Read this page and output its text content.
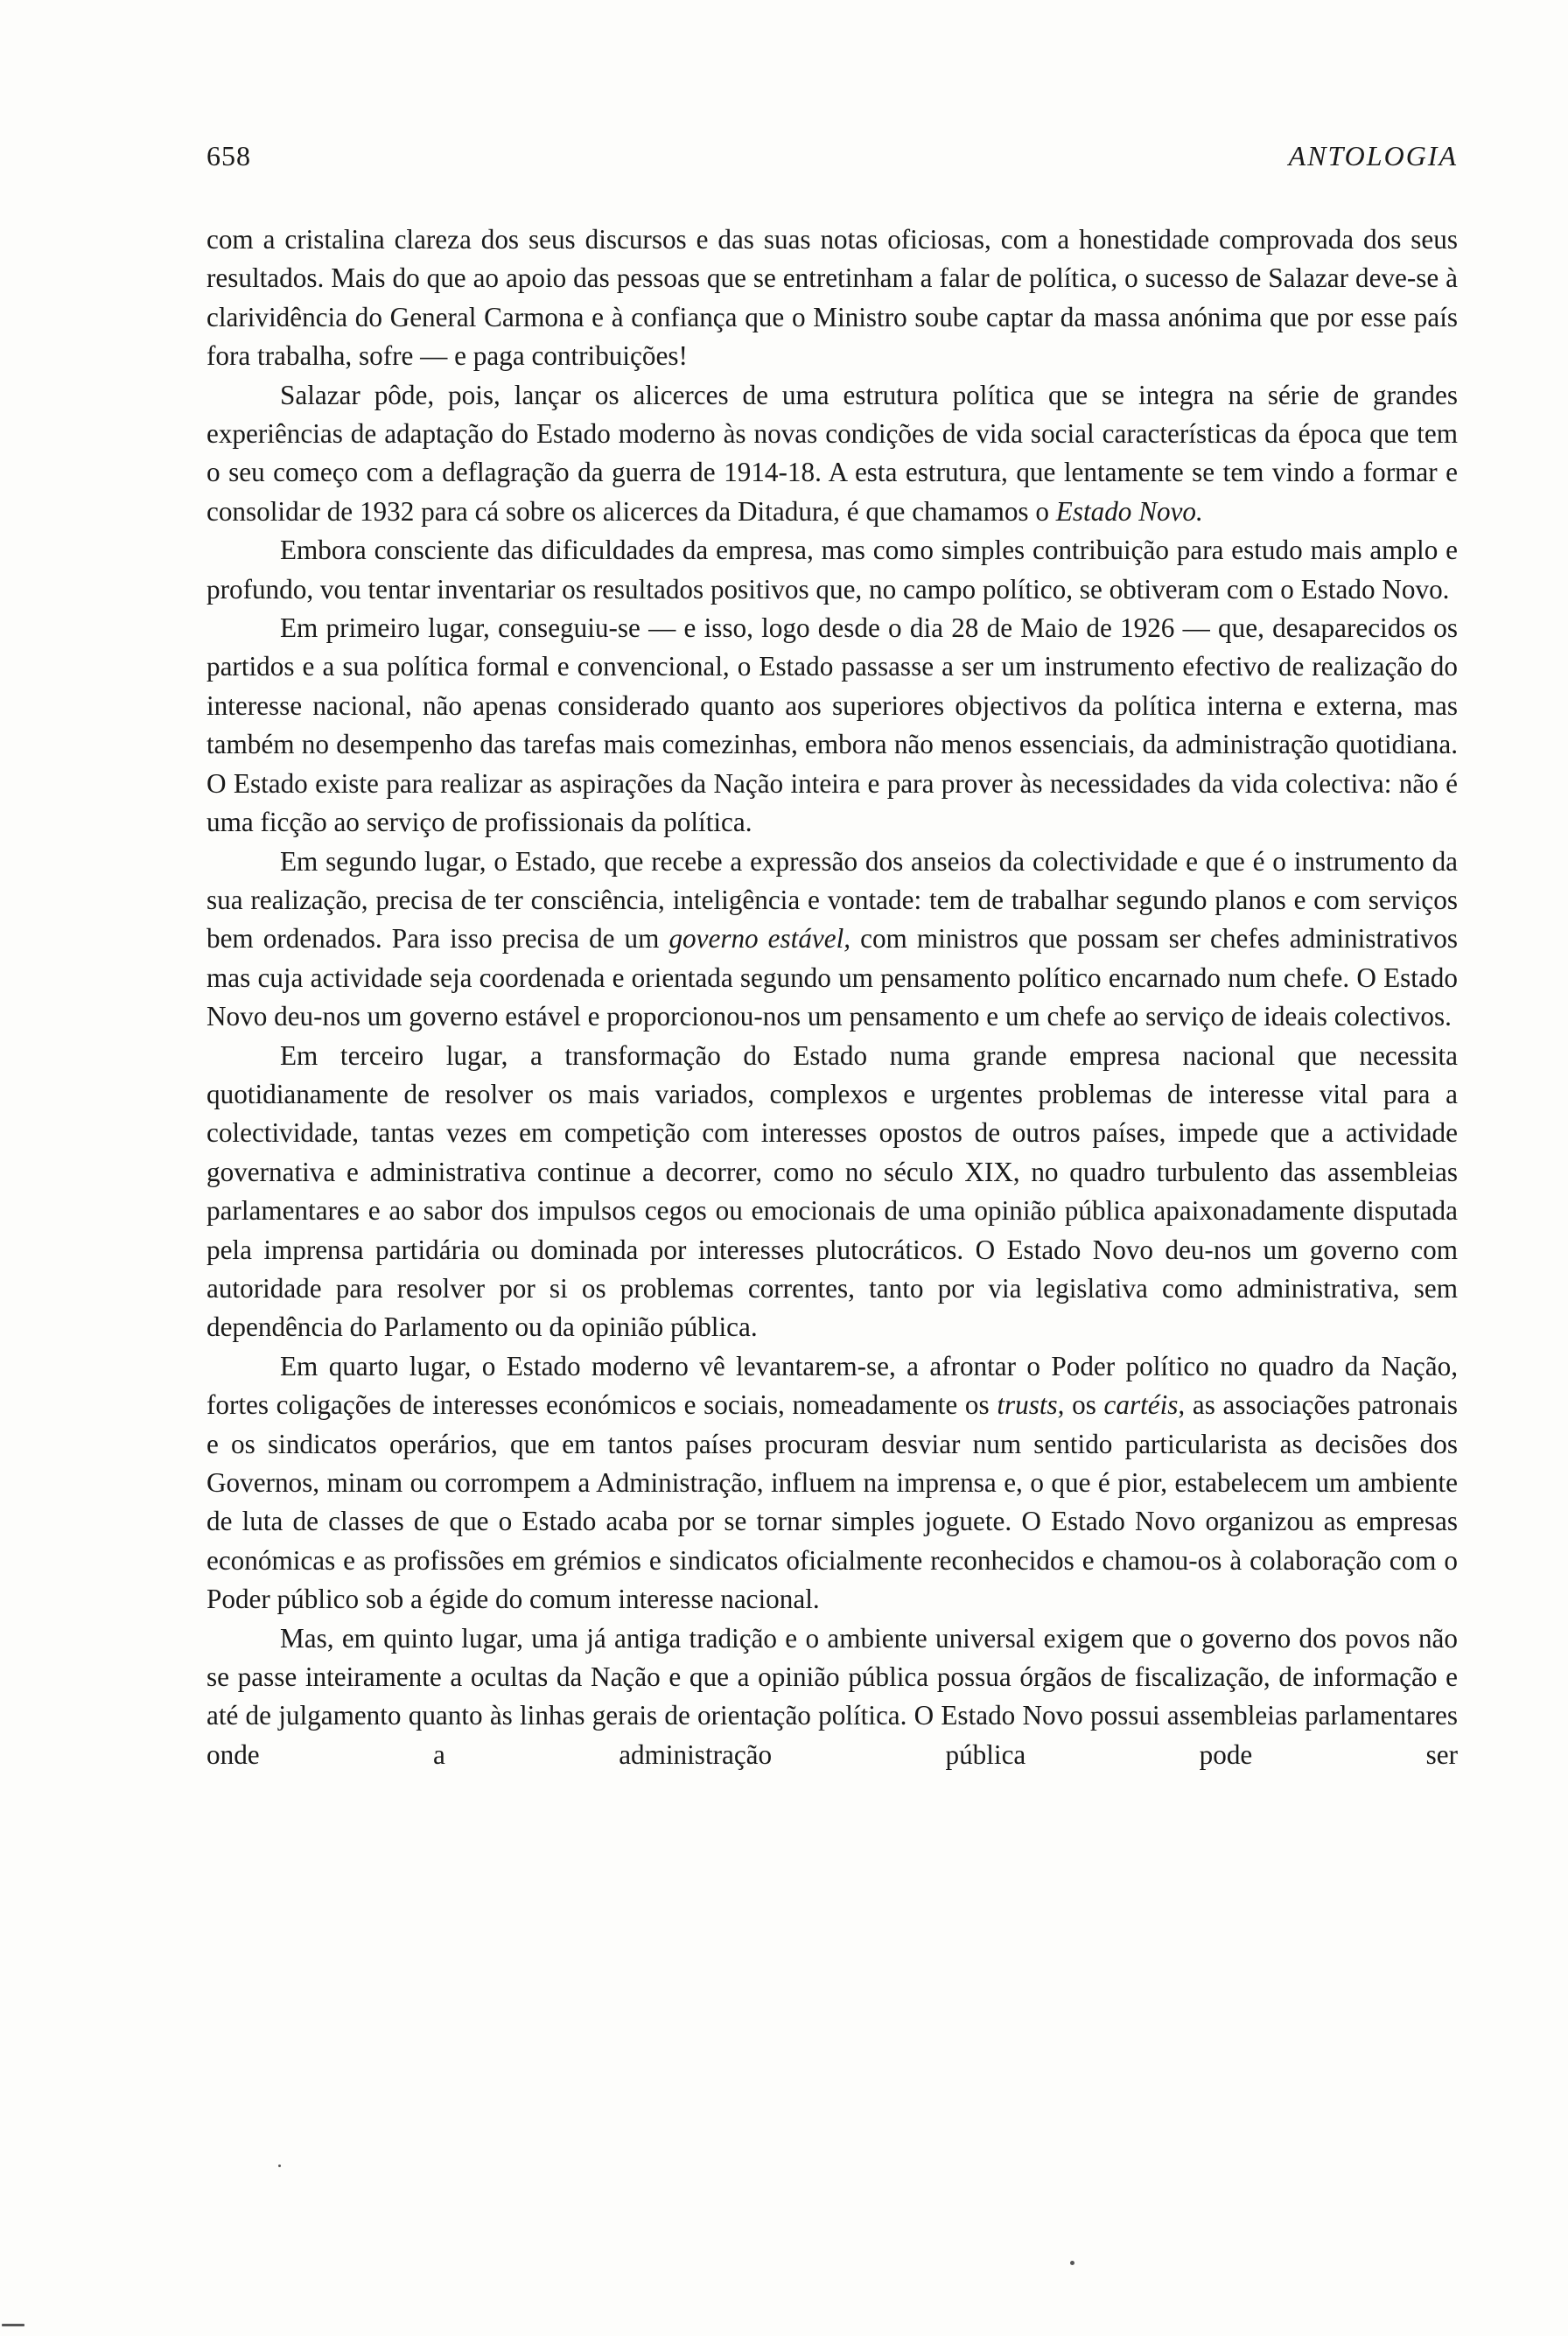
658	ANTOLOGIA

com a cristalina clareza dos seus discursos e das suas notas oficiosas, com a honestidade comprovada dos seus resultados. Mais do que ao apoio das pessoas que se entretinham a falar de política, o sucesso de Salazar deve-se à clarividência do General Carmona e à confiança que o Ministro soube captar da massa anónima que por esse país fora trabalha, sofre — e paga contribuições!

Salazar pôde, pois, lançar os alicerces de uma estrutura política que se integra na série de grandes experiências de adaptação do Estado moderno às novas condições de vida social características da época que tem o seu começo com a deflagração da guerra de 1914-18. A esta estrutura, que lentamente se tem vindo a formar e consolidar de 1932 para cá sobre os alicerces da Ditadura, é que chamamos o Estado Novo.

Embora consciente das dificuldades da empresa, mas como simples contribuição para estudo mais amplo e profundo, vou tentar inventariar os resultados positivos que, no campo político, se obtiveram com o Estado Novo.

Em primeiro lugar, conseguiu-se — e isso, logo desde o dia 28 de Maio de 1926 — que, desaparecidos os partidos e a sua política formal e convencional, o Estado passasse a ser um instrumento efectivo de realização do interesse nacional, não apenas considerado quanto aos superiores objectivos da política interna e externa, mas também no desempenho das tarefas mais comezinhas, embora não menos essenciais, da administração quotidiana. O Estado existe para realizar as aspirações da Nação inteira e para prover às necessidades da vida colectiva: não é uma ficção ao serviço de profissionais da política.

Em segundo lugar, o Estado, que recebe a expressão dos anseios da colectividade e que é o instrumento da sua realização, precisa de ter consciência, inteligência e vontade: tem de trabalhar segundo planos e com serviços bem ordenados. Para isso precisa de um governo estável, com ministros que possam ser chefes administrativos mas cuja actividade seja coordenada e orientada segundo um pensamento político encarnado num chefe. O Estado Novo deu-nos um governo estável e proporcionou-nos um pensamento e um chefe ao serviço de ideais colectivos.

Em terceiro lugar, a transformação do Estado numa grande empresa nacional que necessita quotidianamente de resolver os mais variados, complexos e urgentes problemas de interesse vital para a colectividade, tantas vezes em competição com interesses opostos de outros países, impede que a actividade governativa e administrativa continue a decorrer, como no século XIX, no quadro turbulento das assembleias parlamentares e ao sabor dos impulsos cegos ou emocionais de uma opinião pública apaixonadamente disputada pela imprensa partidária ou dominada por interesses plutocráticos. O Estado Novo deu-nos um governo com autoridade para resolver por si os problemas correntes, tanto por via legislativa como administrativa, sem dependência do Parlamento ou da opinião pública.

Em quarto lugar, o Estado moderno vê levantarem-se, a afrontar o Poder político no quadro da Nação, fortes coligações de interesses económicos e sociais, nomeadamente os trusts, os cartéis, as associações patronais e os sindicatos operários, que em tantos países procuram desviar num sentido particularista as decisões dos Governos, minam ou corrompem a Administração, influem na imprensa e, o que é pior, estabelecem um ambiente de luta de classes de que o Estado acaba por se tornar simples joguete. O Estado Novo organizou as empresas económicas e as profissões em grémios e sindicatos oficialmente reconhecidos e chamou-os à colaboração com o Poder público sob a égide do comum interesse nacional.

Mas, em quinto lugar, uma já antiga tradição e o ambiente universal exigem que o governo dos povos não se passe inteiramente a ocultas da Nação e que a opinião pública possua órgãos de fiscalização, de informação e até de julgamento quanto às linhas gerais de orientação política. O Estado Novo possui assembleias parlamentares onde a administração pública pode ser
